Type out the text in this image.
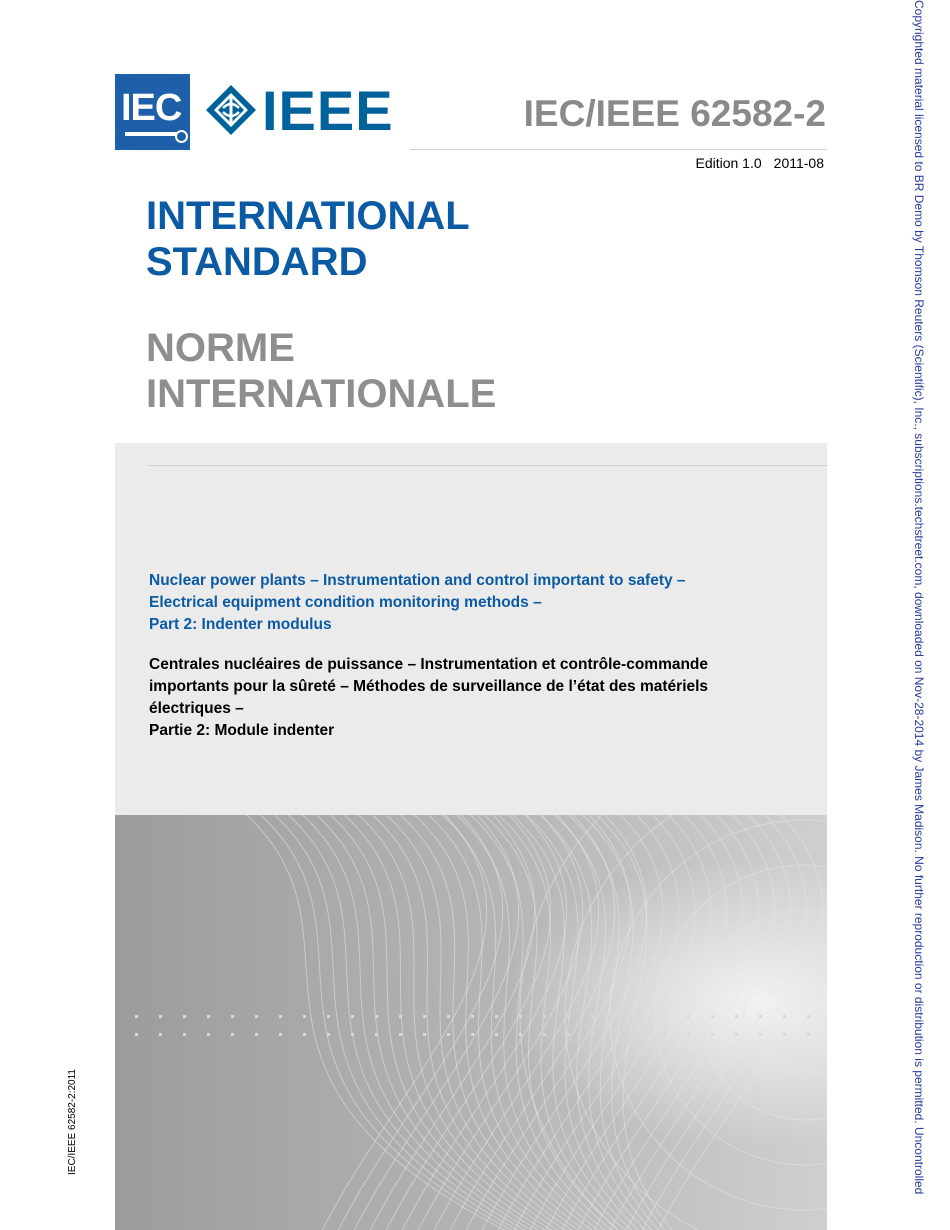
IEC IEEE	IEC/IEEE 62582-2
Edition 1.0 2011-08
INTERNATIONAL
STANDARD
NORME
INTERNATIONALE
Nuclear power plants – Instrumentation and control important to safety –
Electrical equipment condition monitoring methods –
Part 2: Indenter modulus
Centrales nucléaires de puissance – Instrumentation et contrôle-commande
importants pour la sûreté – Méthodes de surveillance de l’état des matériels
électriques –
Partie 2: Module indenter
IEC/IEEE 62582-2:2011	Copyrighted material licensed to BR Demo by Thomson Reuters (Scientific), Inc., subscriptions.techstreet.com, downloaded on Nov-28-2014 by James Madison. No further reproduction or distribution is permitted. Uncontrolled
